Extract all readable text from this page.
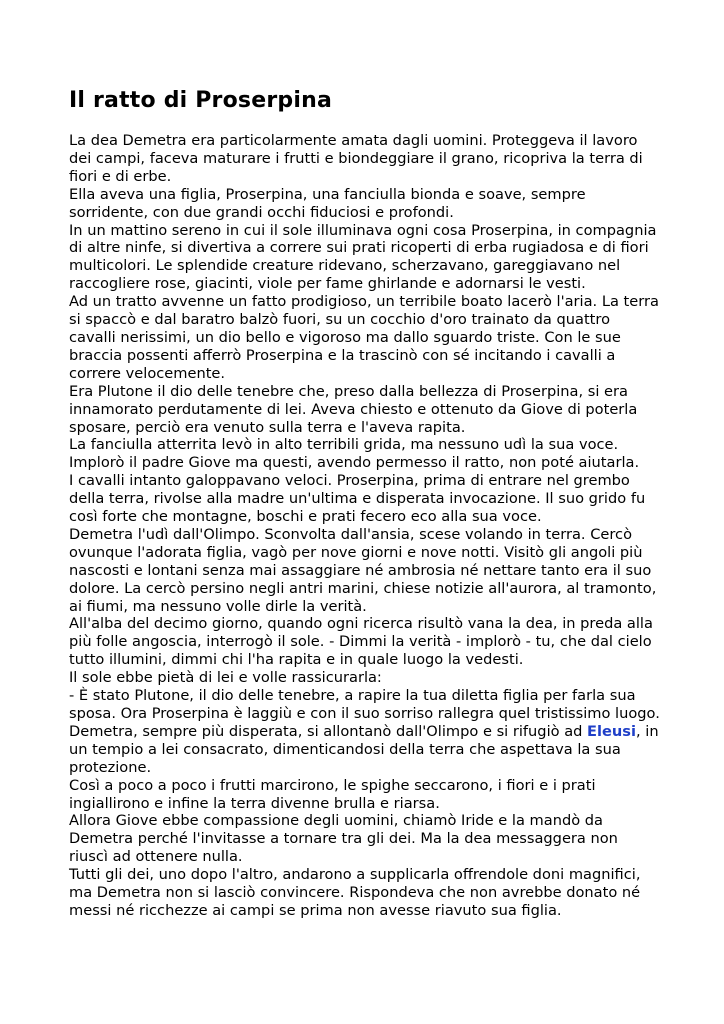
Il ratto di Proserpina
La dea Demetra era particolarmente amata dagli uomini. Proteggeva il lavoro dei campi, faceva maturare i frutti e biondeggiare il grano, ricopriva la terra di fiori e di erbe.
Ella aveva una figlia, Proserpina, una fanciulla bionda e soave, sempre sorridente, con due grandi occhi fiduciosi e profondi.
In un mattino sereno in cui il sole illuminava ogni cosa Proserpina, in compagnia di altre ninfe, si divertiva a correre sui prati ricoperti di erba rugiadosa e di fiori multicolori. Le splendide creature ridevano, scherzavano, gareggiavano nel raccogliere rose, giacinti, viole per fame ghirlande e adornarsi le vesti.
Ad un tratto avvenne un fatto prodigioso, un terribile boato lacerò l'aria. La terra si spaccò e dal baratro balzò fuori, su un cocchio d'oro trainato da quattro cavalli nerissimi, un dio bello e vigoroso ma dallo sguardo triste. Con le sue braccia possenti afferrò Proserpina e la trascinò con sé incitando i cavalli a correre velocemente.
Era Plutone il dio delle tenebre che, preso dalla bellezza di Proserpina, si era innamorato perdutamente di lei. Aveva chiesto e ottenuto da Giove di poterla sposare, perciò era venuto sulla terra e l'aveva rapita.
La fanciulla atterrita levò in alto terribili grida, ma nessuno udì la sua voce. Implorò il padre Giove ma questi, avendo permesso il ratto, non poté aiutarla.
I cavalli intanto galoppavano veloci. Proserpina, prima di entrare nel grembo della terra, rivolse alla madre un'ultima e disperata invocazione. Il suo grido fu così forte che montagne, boschi e prati fecero eco alla sua voce.
Demetra l'udì dall'Olimpo. Sconvolta dall'ansia, scese volando in terra. Cercò ovunque l'adorata figlia, vagò per nove giorni e nove notti. Visitò gli angoli più nascosti e lontani senza mai assaggiare né ambrosia né nettare tanto era il suo dolore. La cercò persino negli antri marini, chiese notizie all'aurora, al tramonto, ai fiumi, ma nessuno volle dirle la verità.
All'alba del decimo giorno, quando ogni ricerca risultò vana la dea, in preda alla più folle angoscia, interrogò il sole. - Dimmi la verità - implorò - tu, che dal cielo tutto illumini, dimmi chi l'ha rapita e in quale luogo la vedesti.
Il sole ebbe pietà di lei e volle rassicurarla:
- È stato Plutone, il dio delle tenebre, a rapire la tua diletta figlia per farla sua sposa. Ora Proserpina è laggiù e con il suo sorriso rallegra quel tristissimo luogo.
Demetra, sempre più disperata, si allontanò dall'Olimpo e si rifugiò ad Eleusi, in un tempio a lei consacrato, dimenticandosi della terra che aspettava la sua protezione.
Così a poco a poco i frutti marcirono, le spighe seccarono, i fiori e i prati ingiallirono e infine la terra divenne brulla e riarsa.
Allora Giove ebbe compassione degli uomini, chiamò Iride e la mandò da Demetra perché l'invitasse a tornare tra gli dei. Ma la dea messaggera non riuscì ad ottenere nulla.
Tutti gli dei, uno dopo l'altro, andarono a supplicarla offrendole doni magnifici, ma Demetra non si lasciò convincere. Rispondeva che non avrebbe donato né messi né ricchezze ai campi se prima non avesse riavuto sua figlia.
